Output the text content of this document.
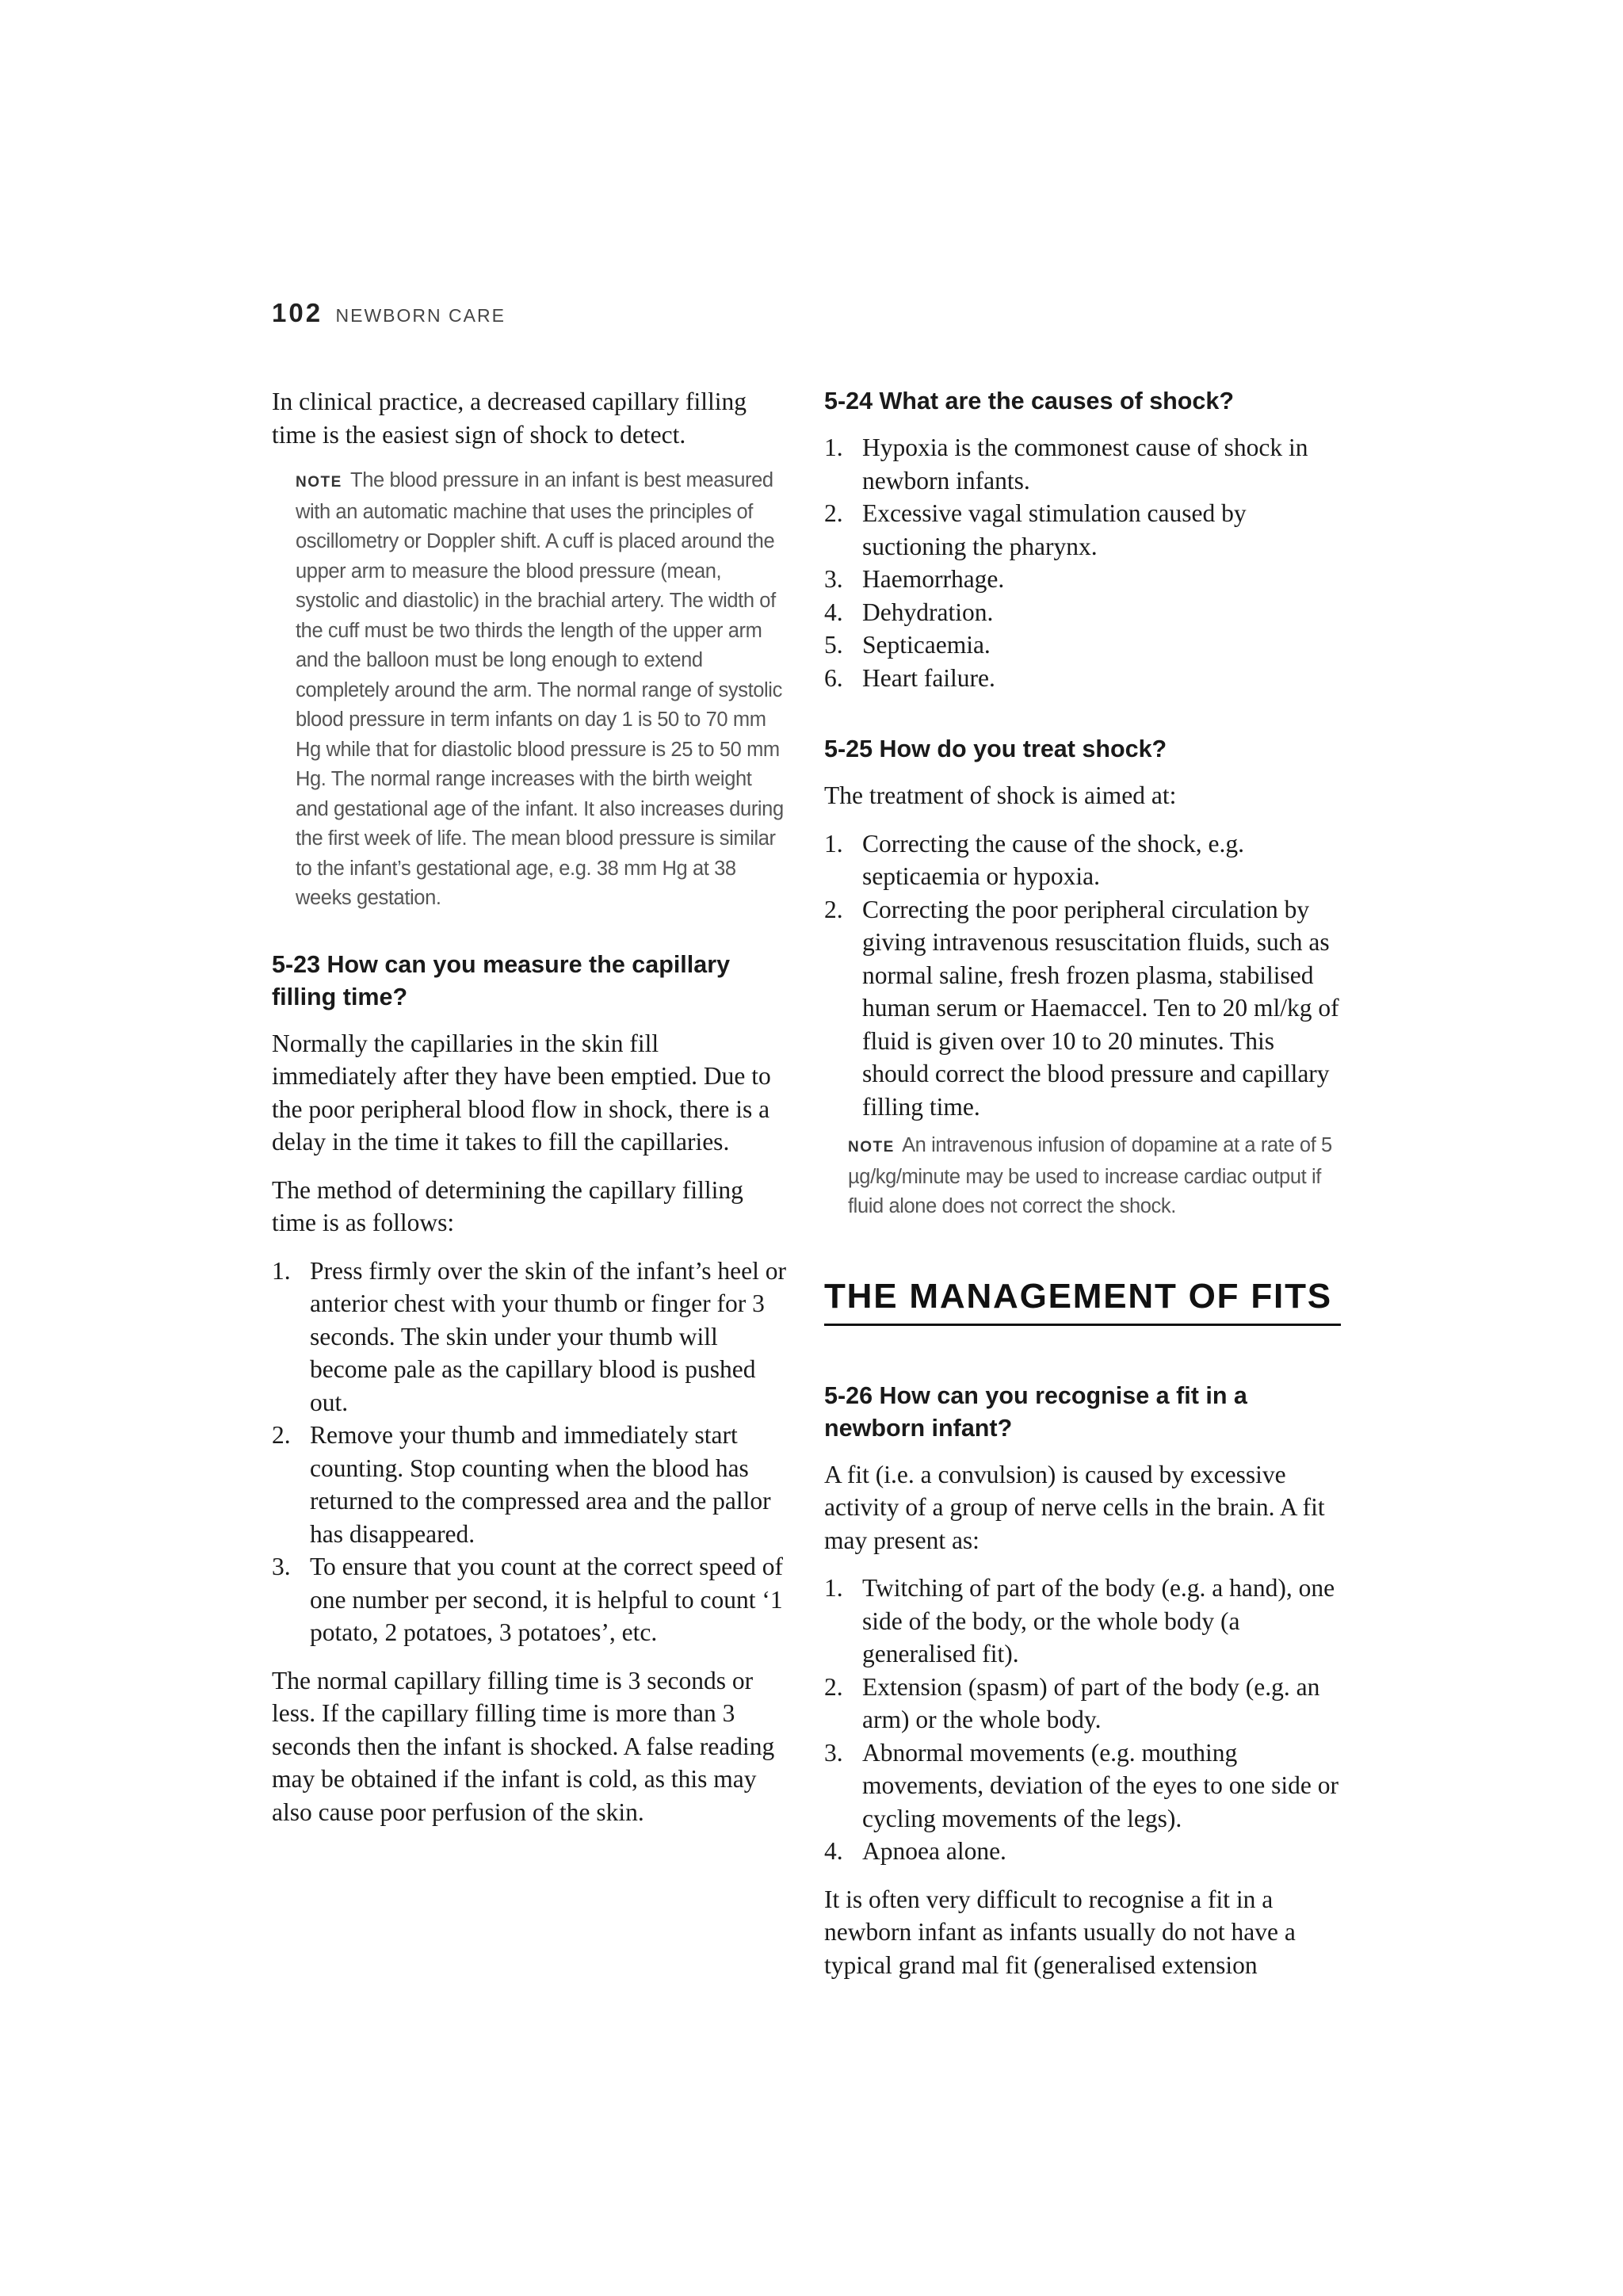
102 NEWBORN CARE

In clinical practice, a decreased capillary filling time is the easiest sign of shock to detect.

NOTE The blood pressure in an infant is best measured with an automatic machine that uses the principles of oscillometry or Doppler shift. A cuff is placed around the upper arm to measure the blood pressure (mean, systolic and diastolic) in the brachial artery. The width of the cuff must be two thirds the length of the upper arm and the balloon must be long enough to extend completely around the arm. The normal range of systolic blood pressure in term infants on day 1 is 50 to 70 mm Hg while that for diastolic blood pressure is 25 to 50 mm Hg. The normal range increases with the birth weight and gestational age of the infant. It also increases during the first week of life. The mean blood pressure is similar to the infant’s gestational age, e.g. 38 mm Hg at 38 weeks gestation.

5-23 How can you measure the capillary filling time?

Normally the capillaries in the skin fill immediately after they have been emptied. Due to the poor peripheral blood flow in shock, there is a delay in the time it takes to fill the capillaries.

The method of determining the capillary filling time is as follows:

1. Press firmly over the skin of the infant’s heel or anterior chest with your thumb or finger for 3 seconds. The skin under your thumb will become pale as the capillary blood is pushed out.
2. Remove your thumb and immediately start counting. Stop counting when the blood has returned to the compressed area and the pallor has disappeared.
3. To ensure that you count at the correct speed of one number per second, it is helpful to count ‘1 potato, 2 potatoes, 3 potatoes’, etc.

The normal capillary filling time is 3 seconds or less. If the capillary filling time is more than 3 seconds then the infant is shocked. A false reading may be obtained if the infant is cold, as this may also cause poor perfusion of the skin.

5-24 What are the causes of shock?
1. Hypoxia is the commonest cause of shock in newborn infants.
2. Excessive vagal stimulation caused by suctioning the pharynx.
3. Haemorrhage.
4. Dehydration.
5. Septicaemia.
6. Heart failure.
5-25 How do you treat shock?

The treatment of shock is aimed at:

1. Correcting the cause of the shock, e.g. septicaemia or hypoxia.
2. Correcting the poor peripheral circulation by giving intravenous resuscitation fluids, such as normal saline, fresh frozen plasma, stabilised human serum or Haemaccel. Ten to 20 ml/kg of fluid is given over 10 to 20 minutes. This should correct the blood pressure and capillary filling time.

NOTE An intravenous infusion of dopamine at a rate of 5 µg/kg/minute may be used to increase cardiac output if fluid alone does not correct the shock.

THE MANAGEMENT OF FITS
5-26 How can you recognise a fit in a newborn infant?

A fit (i.e. a convulsion) is caused by excessive activity of a group of nerve cells in the brain. A fit may present as:

1. Twitching of part of the body (e.g. a hand), one side of the body, or the whole body (a generalised fit).
2. Extension (spasm) of part of the body (e.g. an arm) or the whole body.
3. Abnormal movements (e.g. mouthing movements, deviation of the eyes to one side or cycling movements of the legs).
4. Apnoea alone.

It is often very difficult to recognise a fit in a newborn infant as infants usually do not have a typical grand mal fit (generalised extension
